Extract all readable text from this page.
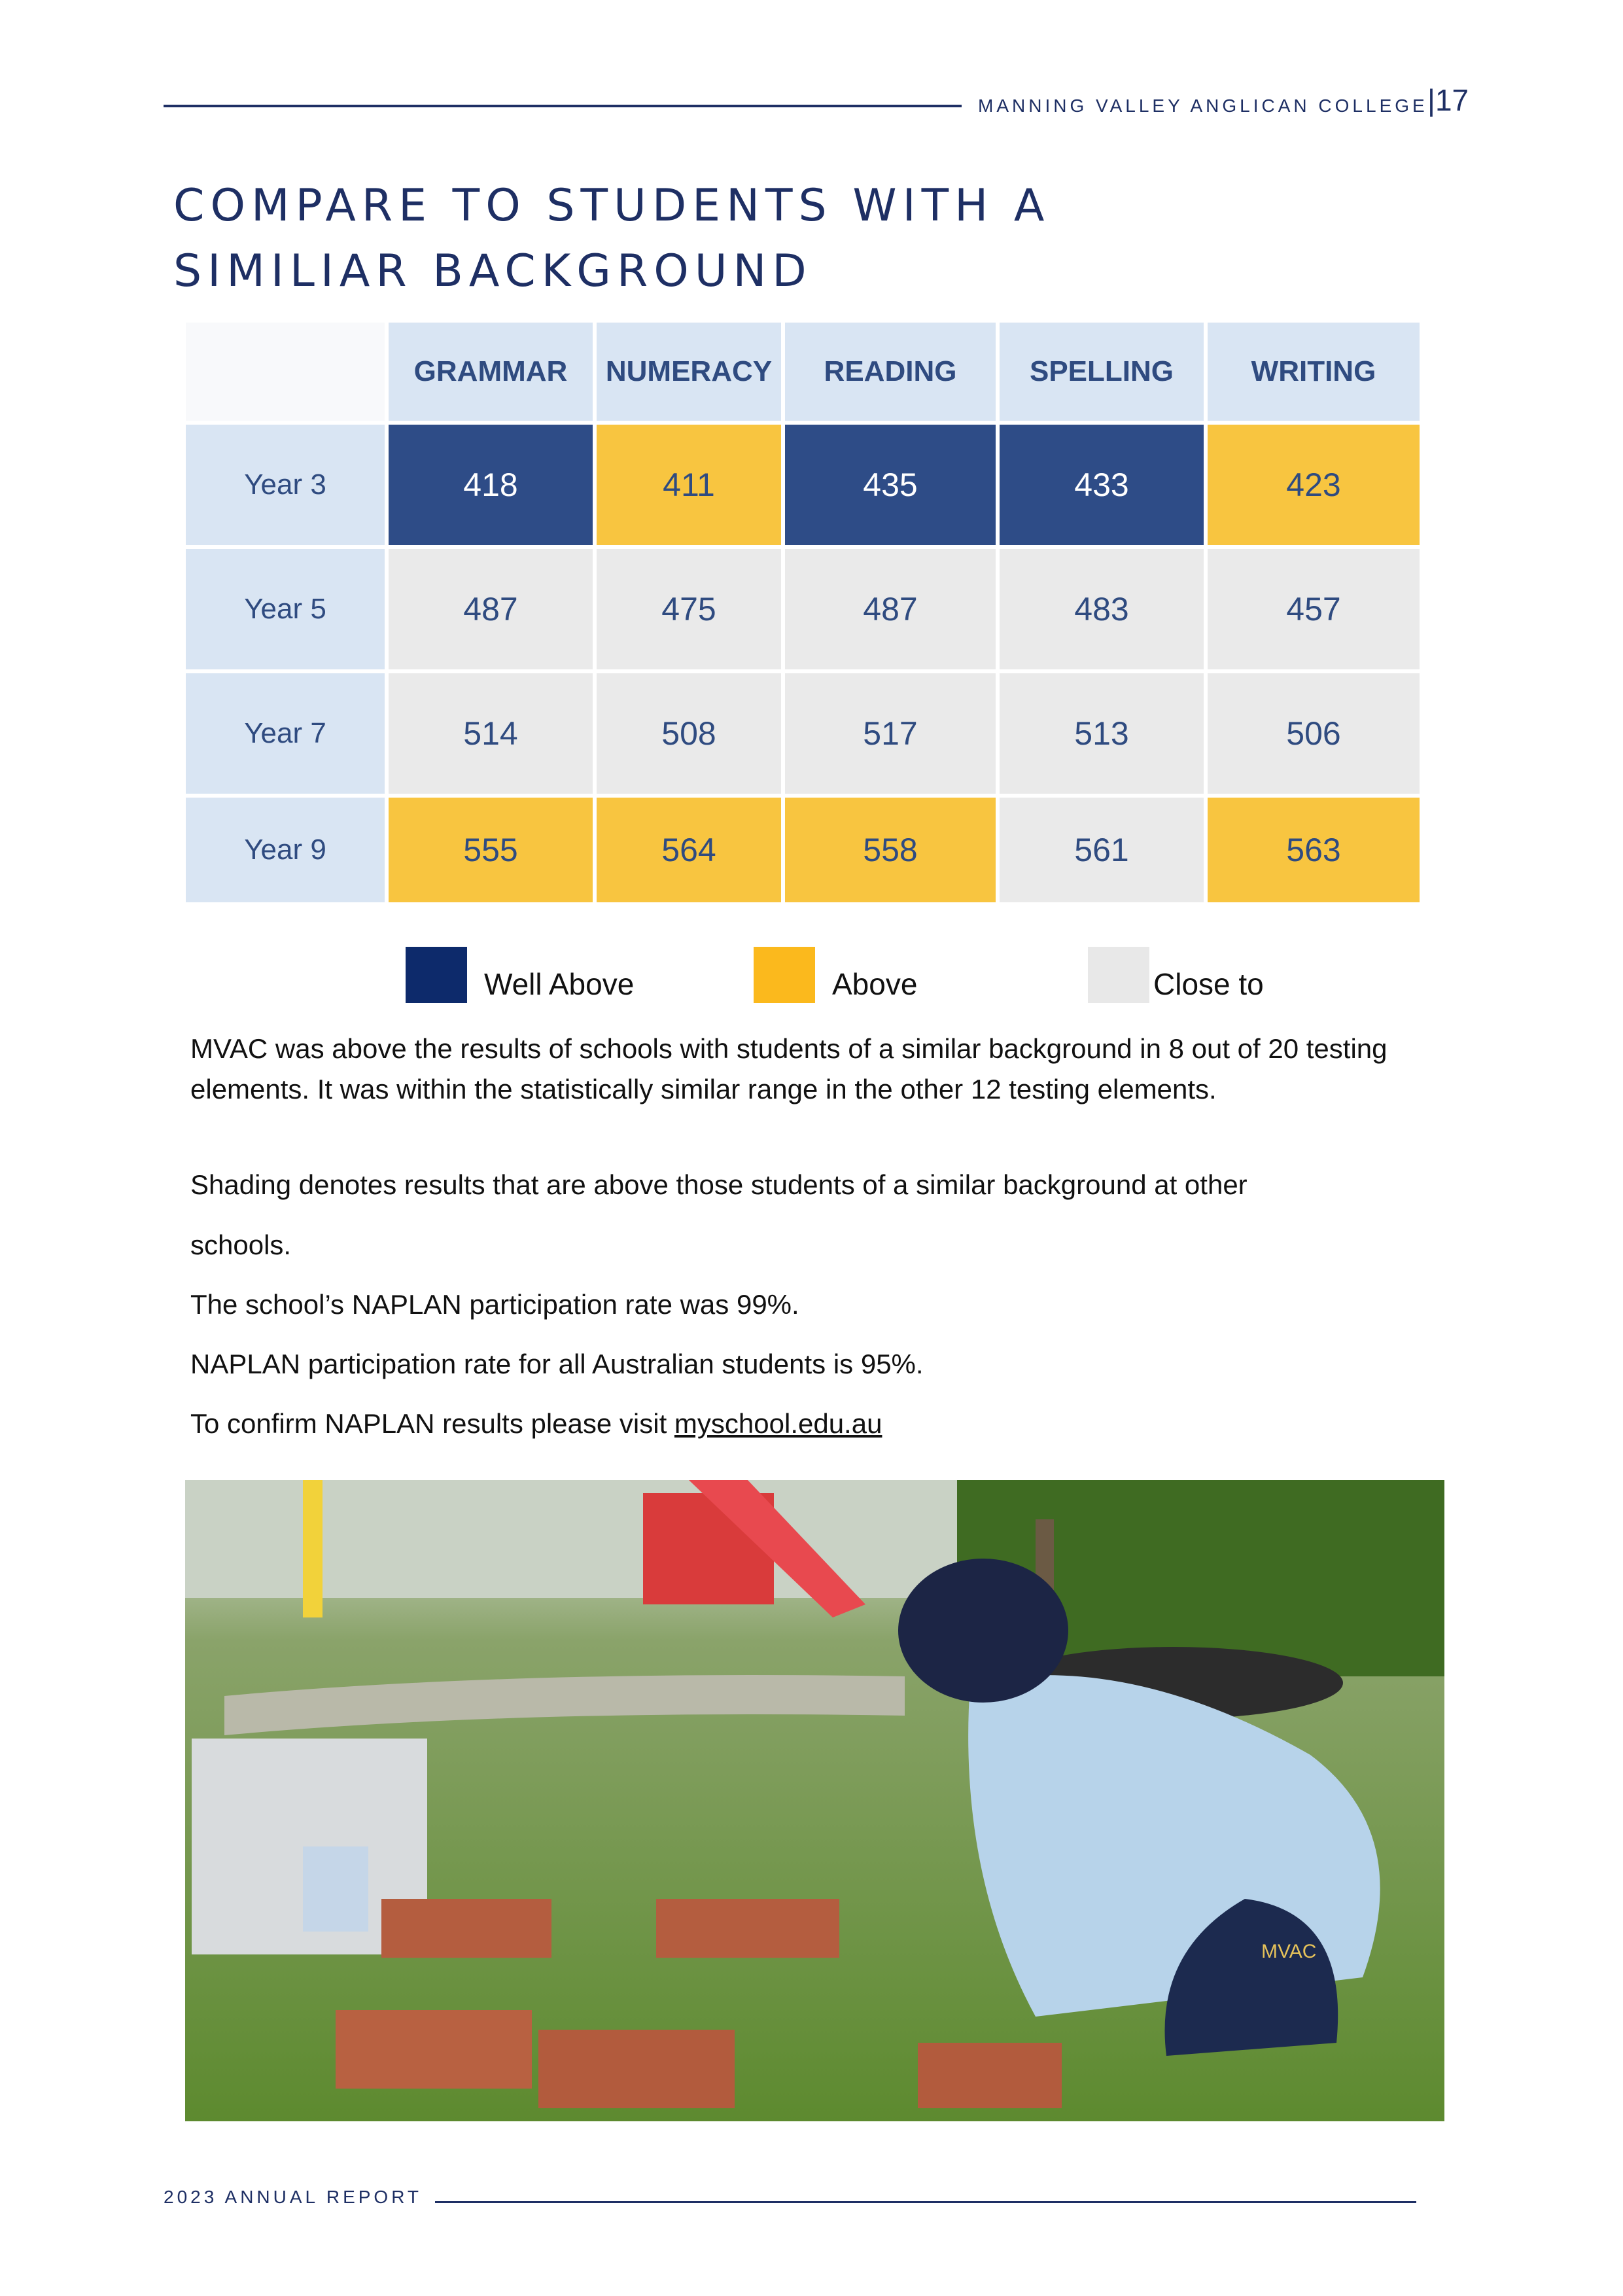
MANNING VALLEY ANGLICAN COLLEGE |17
COMPARE TO STUDENTS WITH A
SIMILIAR BACKGROUND
	GRAMMAR	NUMERACY	READING	SPELLING	WRITING
Year 3	418	411	435	433	423
Year 5	487	475	487	483	457
Year 7	514	508	517	513	506
Year 9	555	564	558	561	563
Well Above	Above	Close to

MVAC was above the results of schools with students of a similar background in 8 out of 20 testing elements. It was within the statistically similar range in the other 12 testing elements.

Shading denotes results that are above those students of a similar background at other

schools.

The school’s NAPLAN participation rate was 99%.

NAPLAN participation rate for all Australian students is 95%.

To confirm NAPLAN results please visit myschool.edu.au

MVAC
2023 ANNUAL REPORT
